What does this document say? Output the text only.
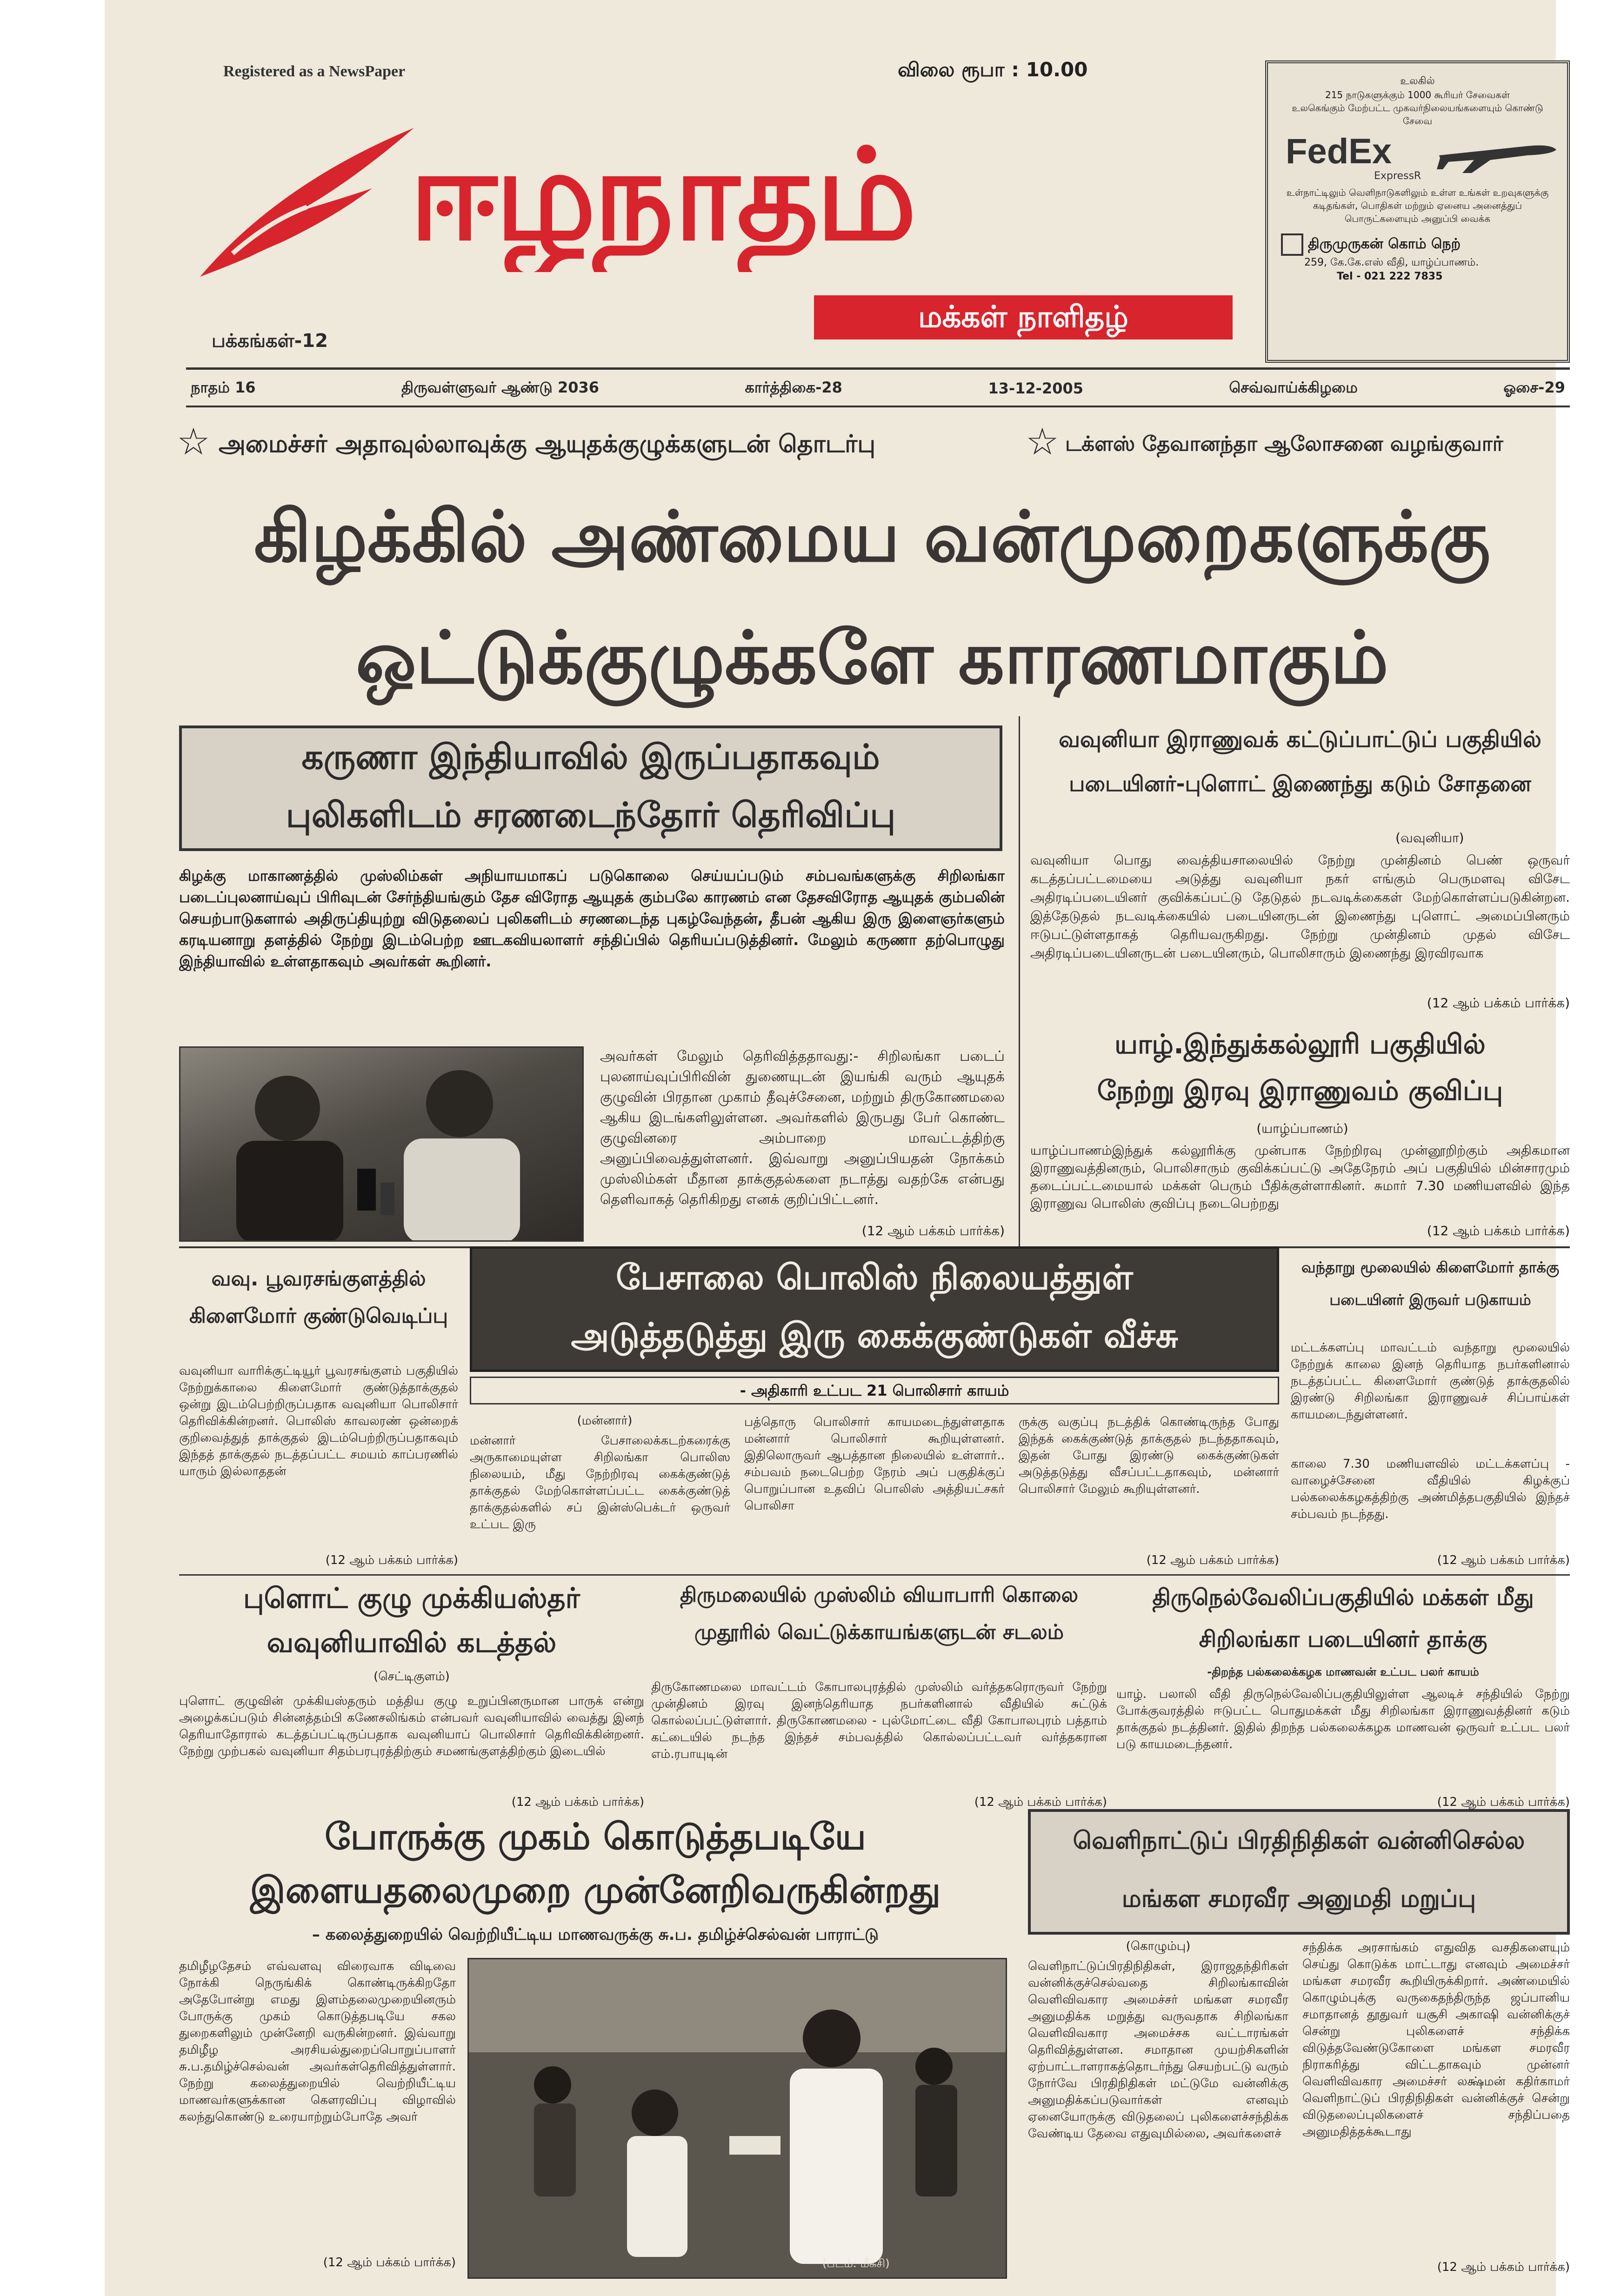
Registered as a NewsPaper	விலை ரூபா : 10.00
ஈழநாதம்
மக்கள் நாளிதழ்
பக்கங்கள்-12
உலகில்
215 நாடுகளுக்கும் 1000 கூரியர் சேவைகள்
உலகெங்கும் மேற்பட்ட முகவர்நிலையங்களையும் கொண்டு சேவை
FedEx
ExpressR
உள்நாட்டிலும் வெளிநாடுகளிலும் உள்ள உங்கள் உறவுகளுக்கு கடிதங்கள், பொதிகள் மற்றும் ஏனைய அனைத்துப் பொருட்களையும் அனுப்பி வைக்க
திருமுருகன் கொம் நெற்
259, கே.கே.எஸ் வீதி, யாழ்ப்பாணம்.
Tel - 021 222 7835
நாதம் 16	திருவள்ளுவர் ஆண்டு 2036	கார்த்திகை-28	13-12-2005	செவ்வாய்க்கிழமை	ஓசை-29
☆ அமைச்சர் அதாவுல்லாவுக்கு ஆயுதக்குழுக்களுடன் தொடர்பு	☆ டக்ளஸ் தேவானந்தா ஆலோசனை வழங்குவார்
கிழக்கில் அண்மைய வன்முறைகளுக்கு
ஒட்டுக்குழுக்களே காரணமாகும்
கருணா இந்தியாவில் இருப்பதாகவும்
புலிகளிடம் சரணடைந்தோர் தெரிவிப்பு
கிழக்கு மாகாணத்தில் முஸ்லிம்கள் அநியாயமாகப் படுகொலை செய்யப்படும் சம்பவங்களுக்கு சிறிலங்கா படைப்புலனாய்வுப் பிரிவுடன் சேர்ந்தியங்கும் தேச விரோத ஆயுதக் கும்பலே காரணம் என தேசவிரோத ஆயுதக் கும்பலின் செயற்பாடுகளால் அதிருப்தியுற்று விடுதலைப் புலிகளிடம் சரணடைந்த புகழ்வேந்தன், தீபன் ஆகிய இரு இளைஞர்களும் கரடியனாறு தளத்தில் நேற்று இடம்பெற்ற ஊடகவியலாளர் சந்திப்பில் தெரியப்படுத்தினர். மேலும் கருணா தற்பொழுது இந்தியாவில் உள்ளதாகவும் அவர்கள் கூறினர்.
அவர்கள் மேலும் தெரிவித்ததாவது:- சிறிலங்கா படைப் புலனாய்வுப்பிரிவின் துணையுடன் இயங்கி வரும் ஆயுதக் குழுவின் பிரதான முகாம் தீவுச்சேனை, மற்றும் திருகோணமலை ஆகிய இடங்களிலுள்ளன. அவர்களில் இருபது பேர் கொண்ட குழுவினரை அம்பாறை மாவட்டத்திற்கு அனுப்பிவைத்துள்ளனர். இவ்வாறு அனுப்பியதன் நோக்கம் முஸ்லிம்கள் மீதான தாக்குதல்களை நடாத்து வதற்கே என்பது தெளிவாகத் தெரிகிறது எனக் குறிப்பிட்டனர்.
(12 ஆம் பக்கம் பார்க்க)
வவுனியா இராணுவக் கட்டுப்பாட்டுப் பகுதியில்
படையினர்-புளொட் இணைந்து கடும் சோதனை
(வவுனியா)
வவுனியா பொது வைத்தியசாலையில் நேற்று முன்தினம் பெண் ஒருவர் கடத்தப்பட்டமையை அடுத்து வவுனியா நகர் எங்கும் பெருமளவு விசேட அதிரடிப்படையினர் குவிக்கப்பட்டு தேடுதல் நடவடிக்கைகள் மேற்கொள்ளப்படுகின்றன. இத்தேடுதல் நடவடிக்கையில் படையினருடன் இணைந்து புளொட் அமைப்பினரும் ஈடுபட்டுள்ளதாகத் தெரியவருகிறது. நேற்று முன்தினம் முதல் விசேட அதிரடிப்படையினருடன் படையினரும், பொலிசாரும் இணைந்து இரவிரவாக
(12 ஆம் பக்கம் பார்க்க)
யாழ்.இந்துக்கல்லூரி பகுதியில்
நேற்று இரவு இராணுவம் குவிப்பு
(யாழ்ப்பாணம்)
யாழ்ப்பாணம்இந்துக் கல்லூரிக்கு முன்பாக நேற்றிரவு முன்னூறிற்கும் அதிகமான இராணுவத்தினரும், பொலிசாரும் குவிக்கப்பட்டு அதேநேரம் அப் பகுதியில் மின்சாரமும் தடைப்பட்டமையால் மக்கள் பெரும் பீதிக்குள்ளாகினர். சுமார் 7.30 மணியளவில் இந்த இராணுவ பொலிஸ் குவிப்பு நடைபெற்றது
(12 ஆம் பக்கம் பார்க்க)
வவு. பூவரசங்குளத்தில்
கிளைமோர் குண்டுவெடிப்பு
வவுனியா வாரிக்குட்டியூர் பூவரசங்குளம் பகுதியில் நேற்றுக்காலை கிளைமோர் குண்டுத்தாக்குதல் ஒன்று இடம்பெற்றிருப்பதாக வவுனியா பொலிசார் தெரிவிக்கின்றனர். பொலிஸ் காவலரண் ஒன்றைக் குறிவைத்துத் தாக்குதல் இடம்பெற்றிருப்பதாகவும் இந்தத் தாக்குதல் நடத்தப்பட்ட சமயம் காப்பரணில் யாரும் இல்லாததன்
(12 ஆம் பக்கம் பார்க்க)
பேசாலை பொலிஸ் நிலையத்துள்
அடுத்தடுத்து இரு கைக்குண்டுகள் வீச்சு
- அதிகாரி உட்பட 21 பொலிசார் காயம்
(மன்னார்)
மன்னார் பேசாலைக்கடற்கரைக்கு அருகாமையுள்ள சிறிலங்கா பொலிஸ நிலையம், மீது நேற்றிரவு கைக்குண்டுத் தாக்குதல் மேற்கொள்ளப்பட்ட கைக்குண்டுத் தாக்குதல்களில் சப் இன்ஸ்பெக்டர் ஒருவர் உட்பட இரு
பத்தொரு பொலிசார் காயமடைந்துள்ளதாக மன்னார் பொலிசார் கூறியுள்ளனர். இதிலொருவர் ஆபத்தான நிலையில் உள்ளார்.. சம்பவம் நடைபெற்ற நேரம் அப் பகுதிக்குப் பொறுப்பான உதவிப் பொலிஸ் அத்தியட்சகர் பொலிசா
ருக்கு வகுப்பு நடத்திக் கொண்டிருந்த போது இந்தக் கைக்குண்டுத் தாக்குதல் நடந்ததாகவும், இதன் போது இரண்டு கைக்குண்டுகள் அடுத்தடுத்து வீசப்பட்டதாகவும், மன்னார் பொலிசார் மேலும் கூறியுள்ளனர்.
(12 ஆம் பக்கம் பார்க்க)
வந்தாறு மூலையில் கிளைமோர் தாக்கு
படையினர் இருவர் படுகாயம்
மட்டக்களப்பு மாவட்டம் வந்தாறு மூலையில் நேற்றுக் காலை இனந் தெரியாத நபர்களினால் நடத்தப்பட்ட கிளைமோர் குண்டுத் தாக்குதலில் இரண்டு சிறிலங்கா இராணுவச் சிப்பாய்கள் காயமடைந்துள்ளனர்.
காலை 7.30 மணியளவில் மட்டக்களப்பு - வாழைச்சேனை வீதியில் கிழக்குப் பல்கலைக்கழகத்திற்கு அண்மித்தபகுதியில் இந்தச் சம்பவம் நடந்தது.
(12 ஆம் பக்கம் பார்க்க)
புளொட் குழு முக்கியஸ்தர்
வவுனியாவில் கடத்தல்
(செட்டிகுளம்)
புளொட் குழுவின் முக்கியஸ்தரும் மத்திய குழு உறுப்பினருமான பாருக் என்று அழைக்கப்படும் சின்னத்தம்பி கணேசலிங்கம் என்பவர் வவுனியாவில் வைத்து இனந் தெரியாதோரால் கடத்தப்பட்டிருப்பதாக வவுனியாப் பொலிசார் தெரிவிக்கின்றனர். நேற்று முற்பகல் வவுனியா சிதம்பரபுரத்திற்கும் சமணங்குளத்திற்கும் இடையில்
(12 ஆம் பக்கம் பார்க்க)
திருமலையில் முஸ்லிம் வியாபாரி கொலை
முதூரில் வெட்டுக்காயங்களுடன் சடலம்
திருகோணமலை மாவட்டம் கோபாலபுரத்தில் முஸ்லிம் வர்த்தகரொருவர் நேற்று முன்தினம் இரவு இனந்தெரியாத நபர்களினால் வீதியில் சுட்டுக் கொல்லப்பட்டுள்ளார். திருகோணமலை - புல்மோட்டை வீதி கோபாலபுரம் பத்தாம் கட்டையில் நடந்த இந்தச் சம்பவத்தில் கொல்லப்பட்டவர் வர்த்தகரான எம்.ரபாயுடின்
(12 ஆம் பக்கம் பார்க்க)
திருநெல்வேலிப்பகுதியில் மக்கள் மீது
சிறிலங்கா படையினர் தாக்கு
-திறந்த பல்கலைக்கழக மாணவன் உட்பட பலர் காயம்
யாழ். பலாலி வீதி திருநெல்வேலிப்பகுதியிலுள்ள ஆலடிச் சந்தியில் நேற்று போக்குவரத்தில் ஈடுபட்ட பொதுமக்கள் மீது சிறிலங்கா இராணுவத்தினர் கடும் தாக்குதல் நடத்தினர். இதில் திறந்த பல்கலைக்கழக மாணவன் ஒருவர் உட்பட பலர் படு காயமடைந்தனர்.
(12 ஆம் பக்கம் பார்க்க)
போருக்கு முகம் கொடுத்தபடியே
இளையதலைமுறை முன்னேறிவருகின்றது
– கலைத்துறையில் வெற்றியீட்டிய மாணவருக்கு சு.ப. தமிழ்ச்செல்வன் பாராட்டு
தமிழீழதேசம் எவ்வளவு விரைவாக விடிவை நோக்கி நெருங்கிக் கொண்டிருக்கிறதோ அதேபோன்று எமது இளம்தலைமுறையினரும் போருக்கு முகம் கொடுத்தபடியே சகல துறைகளிலும் முன்னேறி வருகின்றனர். இவ்வாறு தமிழீழ அரசியல்துறைப்பொறுப்பாளர் சு.ப.தமிழ்ச்செல்வன் அவர்கள்தெரிவித்துள்ளார். நேற்று கலைத்துறையில் வெற்றியீட்டிய மாணவர்களுக்கான கௌரவிப்பு விழாவில் கலந்துகொண்டு உரையாற்றும்போதே அவர்
(12 ஆம் பக்கம் பார்க்க)	(படம்: மீசுசி)
வெளிநாட்டுப் பிரதிநிதிகள் வன்னிசெல்ல
மங்கள சமரவீர அனுமதி மறுப்பு
(கொழும்பு)
வெளிநாட்டுப்பிரதிநிதிகள், இராஜதந்திரிகள் வன்னிக்குச்செல்வதை சிறிலங்காவின் வெளிவிவகார அமைச்சர் மங்கள சமரவீர அனுமதிக்க மறுத்து வருவதாக சிறிலங்கா வெளிவிவகார அமைச்சக வட்டாரங்கள் தெரிவித்துள்ளன. சமாதான முயற்சிகளின் ஏற்பாட்டாளராகத்தொடர்ந்து செயற்பட்டு வரும் நோர்வே பிரதிநிதிகள் மட்டுமே வன்னிக்கு அனுமதிக்கப்படுவார்கள் எனவும் ஏனையோருக்கு விடுதலைப் புலிகளைச்சந்திக்க வேண்டிய தேவை எதுவுமில்லை, அவர்களைச்
சந்திக்க அரசாங்கம் எதுவித வசதிகளையும் செய்து கொடுக்க மாட்டாது எனவும் அமைச்சர் மங்கள சமரவீர கூறியிருக்கிறார். அண்மையில் கொழும்புக்கு வருகைதந்திருந்த ஜப்பானிய சமாதானத் தூதுவர் யசூசி அகாஷி வன்னிக்குச் சென்று புலிகளைச் சந்திக்க விடுத்தவேண்டுகோளை மங்கள சமரவீர நிராகரித்து விட்டதாகவும் முன்னர் வெளிவிவகார அமைச்சர் லக்ஷ்மன் கதிர்காமர் வெளிநாட்டுப் பிரதிநிதிகள் வன்னிக்குச் சென்று விடுதலைப்புலிகளைச் சந்திப்பதை அனுமதித்தக்கூடாது
(12 ஆம் பக்கம் பார்க்க)
